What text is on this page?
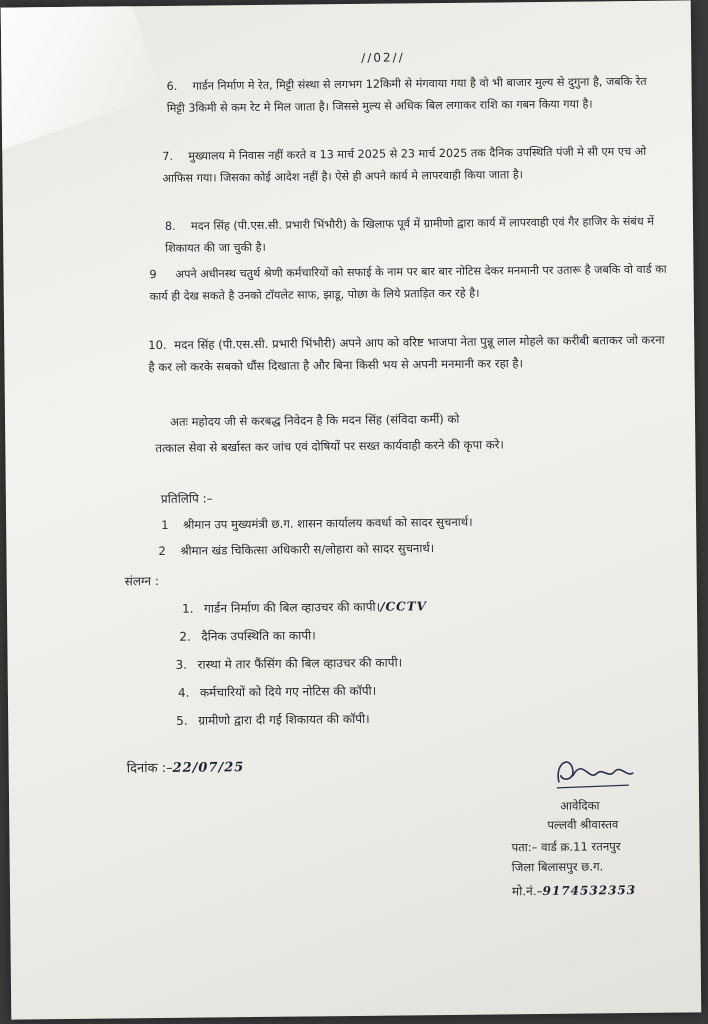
//02//
6. गार्डन निर्माण मे रेत, मिट्टी संस्था से लगभग 12किमी से मंगवाया गया है वो भी बाजार मुल्य से दुगुना है, जबकि रेत मिट्टी 3किमी से कम रेट मे मिल जाता है। जिससे मुल्य से अधिक बिल लगाकर राशि का गबन किया गया है।
7. मुख्यालय मे निवास नहीं करते व 13 मार्च 2025 से 23 मार्च 2025 तक दैनिक उपस्थिति पंजी मे सी एम एच ओ आफिस गया। जिसका कोई आदेश नहीं है। ऐसे ही अपने कार्य मे लापरवाही किया जाता है।
8. मदन सिंह (पी.एस.सी. प्रभारी भिंभौरी) के खिलाफ पूर्व में ग्रामीणो द्वारा कार्य में लापरवाही एवं गैर हाजिर के संबंध में शिकायत की जा चुकी है।
9 अपने अधीनस्थ चतुर्थ श्रेणी कर्मचारियों को सफाई के नाम पर बार बार नोटिस देकर मनमानी पर उतारू है जबकि वो वार्ड का कार्य ही देख सकते है उनको टॉयलेट साफ, झाडू, पोछा के लिये प्रताड़ित कर रहे है।
10. मदन सिंह (पी.एस.सी. प्रभारी भिंभौरी) अपने आप को वरिष्ट भाजपा नेता पुन्नू लाल मोहले का करीबी बताकर जो करना है कर लो करके सबको धौंस दिखाता है और बिना किसी भय से अपनी मनमानी कर रहा है।
अतः महोदय जी से करबद्ध निवेदन है कि मदन सिंह (संविदा कर्मी) को
तत्काल सेवा से बर्खास्त कर जांच एवं दोषियों पर सख्त कार्यवाही करने की कृपा करे।
प्रतिलिपि :–
1 श्रीमान उप मुख्यमंत्री छ.ग. शासन कार्यालय कवर्धा को सादर सुचनार्थ।
2 श्रीमान खंड चिकित्सा अधिकारी स/लोहारा को सादर सुचनार्थ।
संलग्न :
1. गार्डन निर्माण की बिल व्हाउचर की कापी।/CCTV
2. दैनिक उपस्थिति का कापी।
3. रास्था मे तार फैंसिंग की बिल व्हाउचर की कापी।
4. कर्मचारियों को दिये गए नोटिस की कॉपी।
5. ग्रामीणो द्वारा दी गई शिकायत की कॉपी।
दिनांक :–22/07/25
आवेदिका
पल्लवी श्रीवास्तव
पता:– वार्ड क्र.11 रतनपुर
जिला बिलासपुर छ.ग.
मो.नं.–9174532353
